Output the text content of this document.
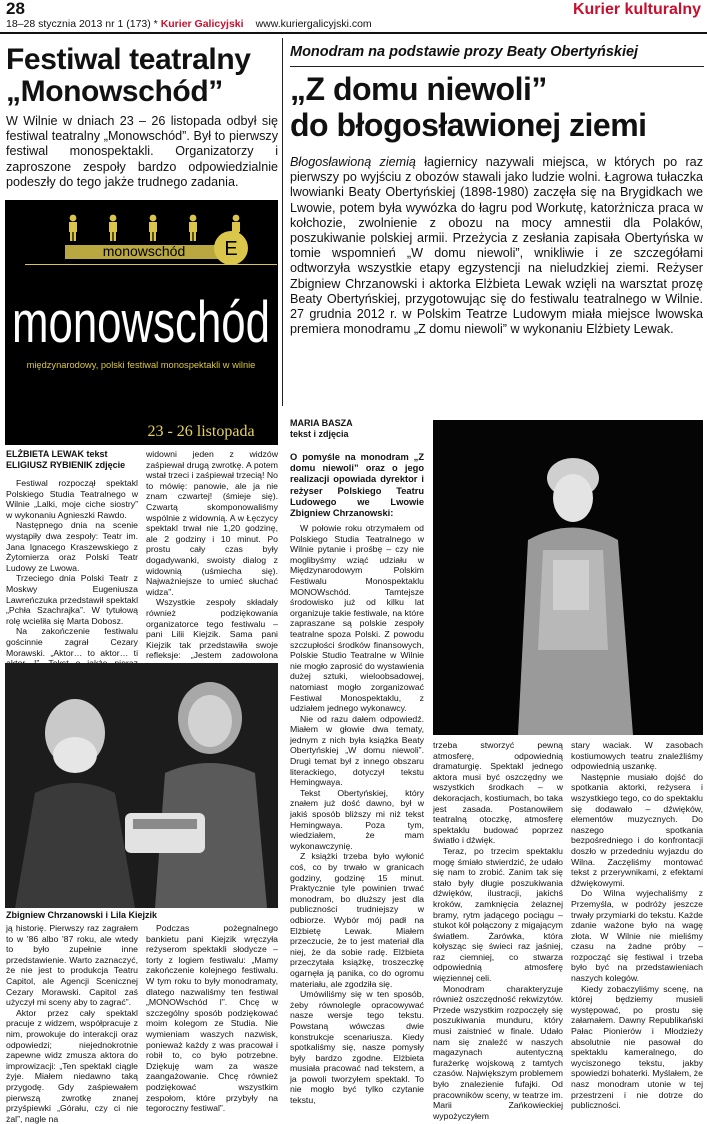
28
18–28 stycznia 2013 nr 1 (173) * Kurier Galicyjski www.kuriergalicyjski.com
Kurier kulturalny
Festiwal teatralny
„Monowschód”
W Wilnie w dniach 23 – 26 listopada odbył się festiwal teatralny „Monowschód”. Był to pierwszy festiwal monospektakli. Organizatorzy i zaproszone zespoły bardzo odpowiedzialnie podeszły do tego jakże trudnego zadania.
monowschód E
monowschód
międzynarodowy, polski festiwal monospektakli w wilnie
23 - 26 listopada
ELŻBIETA LEWAK tekst
ELIGIUSZ RYBIENIK zdjęcie

Festiwal rozpoczął spektakl Polskiego Studia Teatralnego w Wilnie „Lalki, moje ciche siostry” w wykonaniu Agnieszki Rawdo.

Następnego dnia na scenie wystąpiły dwa zespoły: Teatr im. Jana Ignacego Kraszewskiego z Żytomierza oraz Polski Teatr Ludowy ze Lwowa.

Trzeciego dnia Polski Teatr z Moskwy Eugeniusza Lawreńczuka przedstawił spektakl „Pchła Szachrajka”. W tytułową rolę wcieliła się Marta Dobosz.

Na zakończenie festiwalu gościnnie zagrał Cezary Morawski. „Aktor… to aktor… ti

widowni jeden z widzów zaśpiewał drugą zwrotkę. A potem wstał trzeci i zaśpiewał trzecią! No to mówię: panowie, ale ja nie znam czwartej! (śmieje się). Czwartą skomponowaliśmy wspólnie z widownią. A w Łęczycy spektakl trwał nie 1,20 godzinę, ale 2 godziny i 10 minut. Po prostu cały czas były dogadywanki, swoisty dialog z widownią (uśmiecha się). Najważniejsze to umieć słuchać widza”.

Wszystkie zespoły składały również podziękowania organizatorce tego festiwalu – pani Lilii Kiejzik. Sama pani Kiejzik tak przedstawiła swoje refleksje: „Jestem zadowolona

Zbigniew Chrzanowski i Lila Kiejzik

ją historię. Pierwszy raz zagrałem to w '86 albo '87 roku, ale wtedy to było zupełnie inne przedstawienie. Warto zaznaczyć, że nie jest to produkcja Teatru Capitol, ale Agencji Scenicznej Cezary Morawski. Capitol zaś użyczył mi sceny aby to zagrać”.

Aktor przez cały spektakl pracuje z widzem, współpracuje z nim, prowokuje do interakcji oraz odpowiedzi; niejednokrotnie zapewne widz zmusza aktora do improwizacji: „Ten spektakl ciągle żyje. Miałem niedawno taką przygodę. Gdy zaśpiewałem pierwszą zwrotkę znanej przyśpiewki „Górału, czy ci nie żal”, nagle na

Podczas pożegnalnego bankietu pani Kiejzik wręczyła reżyserom spektakli słodycze – torty z logiem festiwalu: „Mamy zakończenie kolejnego festiwalu. W tym roku to były monodramaty, dlatego nazwaliśmy ten festiwal „MONOWschód I”. Chcę w szczególny sposób podziękować moim kolegom ze Studia. Nie wymieniam waszych nazwisk, ponieważ każdy z was pracował i robił to, co było potrzebne. Dziękuję wam za wasze zaangażowanie. Chcę również podziękować wszystkim zespołom, które przybyły na tegoroczny festiwal”.

Monodram na podstawie prozy Beaty Obertyńskiej
„Z domu niewoli”
do błogosławionej ziemi
Błogosławioną ziemią łagiernicy nazywali miejsca, w których po raz pierwszy po wyjściu z obozów stawali jako ludzie wolni. Łagrowa tułaczka lwowianki Beaty Obertyńskiej (1898-1980) zaczęła się na Brygidkach we Lwowie, potem była wywózka do łagru pod Workutę, katorżnicza praca w kołchozie, zwolnienie z obozu na mocy amnestii dla Polaków, poszukiwanie polskiej armii. Przeżycia z zesłania zapisała Obertyńska w tomie wspomnień „W domu niewoli”, wnikliwie i ze szczegółami odtworzyła wszystkie etapy egzystencji na nieludzkiej ziemi. Reżyser Zbigniew Chrzanowski i aktorka Elżbieta Lewak wzięli na warsztat prozę Beaty Obertyńskiej, przygotowując się do festiwalu teatralnego w Wilnie. 27 grudnia 2012 r. w Polskim Teatrze Ludowym miała miejsce lwowska premiera monodramu „Z domu niewoli” w wykonaniu Elżbiety Lewak.
MARIA BASZA
tekst i zdjęcia
O pomyśle na monodram „Z domu niewoli” oraz o jego realizacji opowiada dyrektor i reżyser Polskiego Teatru Ludowego we Lwowie Zbigniew Chrzanowski:

W połowie roku otrzymałem od Polskiego Studia Teatralnego w Wilnie pytanie i prośbę – czy nie moglibyśmy wziąć udziału w Międzynarodowym Polskim Festiwalu Monospektaklu MONOWschód. Tamtejsze środowisko już od kilku lat organizuje takie festiwale, na które zapraszane są polskie zespoły teatralne spoza Polski. Z powodu szczupłości środków finansowych, Polskie Studio Teatralne w Wilnie nie mogło zaprosić do wystawienia dużej sztuki, wieloobsadowej, natomiast mogło zorganizować Festiwal Monospektaklu, z udziałem jednego wykonawcy.

Nie od razu dałem odpowiedź. Miałem w głowie dwa tematy, jednym z nich była książka Beaty Obertyńskiej „W domu niewoli”. Drugi temat był z innego obszaru literackiego, dotyczył tekstu Hemingwaya.

Tekst Obertyńskiej, który znałem już dość dawno, był w jakiś sposób bliższy mi niż tekst Hemingwaya. Poza tym, wiedziałem, że mam wykonawczynię.

Z książki trzeba było wyłonić coś, co by trwało w granicach godziny, godzinę 15 minut. Praktycznie tyle powinien trwać monodram, bo dłuższy jest dla publiczności trudniejszy w odbiorze. Wybór mój padł na Elżbietę Lewak. Miałem przeczucie, że to jest materiał dla niej, że da sobie radę. Elżbieta przeczytała książkę, troszeczkę ogarnęła ją panika, co do ogromu materiału, ale zgodziła się.

Umówiliśmy się w ten sposób, żeby równolegle opracowywać nasze wersje tego tekstu. Powstaną wówczas dwie konstrukcje scenariusza. Kiedy spotkaliśmy się, nasze pomysły były bardzo zgodne. Elżbieta musiała pracować nad tekstem, a ja powoli tworzyłem spektakl. To nie mogło być tylko czytanie tekstu,

trzeba stworzyć pewną atmosferę, odpowiednią dramaturgię. Spektakl jednego aktora musi być oszczędny we wszystkich środkach – w dekoracjach, kostiumach, bo taka jest zasada. Postanowiłem teatralną otoczkę, atmosferę spektaklu budować poprzez światło i dźwięk.

Teraz, po trzecim spektaklu mogę śmiało stwierdzić, że udało się nam to zrobić. Zanim tak się stało były długie poszukiwania dźwięków, ilustracji, jakichś kroków, zamknięcia żelaznej bramy, rytm jadącego pociągu – stukot kół połączony z migającym światłem. Żarówka, która kołysząc się świeci raz jaśniej, raz ciemniej, co stwarza odpowiednią atmosferę więziennej celi.

Monodram charakteryzuje również oszczędność rekwizytów. Przede wszystkim rozpoczęły się poszukiwania munduru, który musi zaistnieć w finale. Udało nam się znaleźć w naszych magazynach autentyczną furażerkę wojskową z tamtych czasów. Największym problemem było znalezienie fufajki. Od pracowników sceny, w teatrze im. Marii Zańkowieckiej wypożyczyłem

stary waciak. W zasobach kostiumowych teatru znaleźliśmy odpowiednią uszankę.

Następnie musiało dojść do spotkania aktorki, reżysera i wszystkiego tego, co do spektaklu się dodawało – dźwięków, elementów muzycznych. Do naszego spotkania bezpośredniego i do konfrontacji doszło w przededniu wyjazdu do Wilna. Zaczęliśmy montować tekst z przerywnikami, z efektami dźwiękowymi.

Do Wilna wyjechaliśmy z Przemyśla, w podróży jeszcze trwały przymiarki do tekstu. Każde zdanie ważone było na wagę złota. W Wilnie nie mieliśmy czasu na żadne próby – rozpocząć się festiwal i trzeba było być na przedstawieniach naszych kolegów.

Kiedy zobaczyliśmy scenę, na której będziemy musieli występować, po prostu się załamałem. Dawny Republikański Pałac Pionierów i Młodzieży absolutnie nie pasował do spektaklu kameralnego, do wyciszonego tekstu, jakby spowiedzi bohaterki. Myślałem, że nasz monodram utonie w tej przestrzeni i nie dotrze do publiczności.
